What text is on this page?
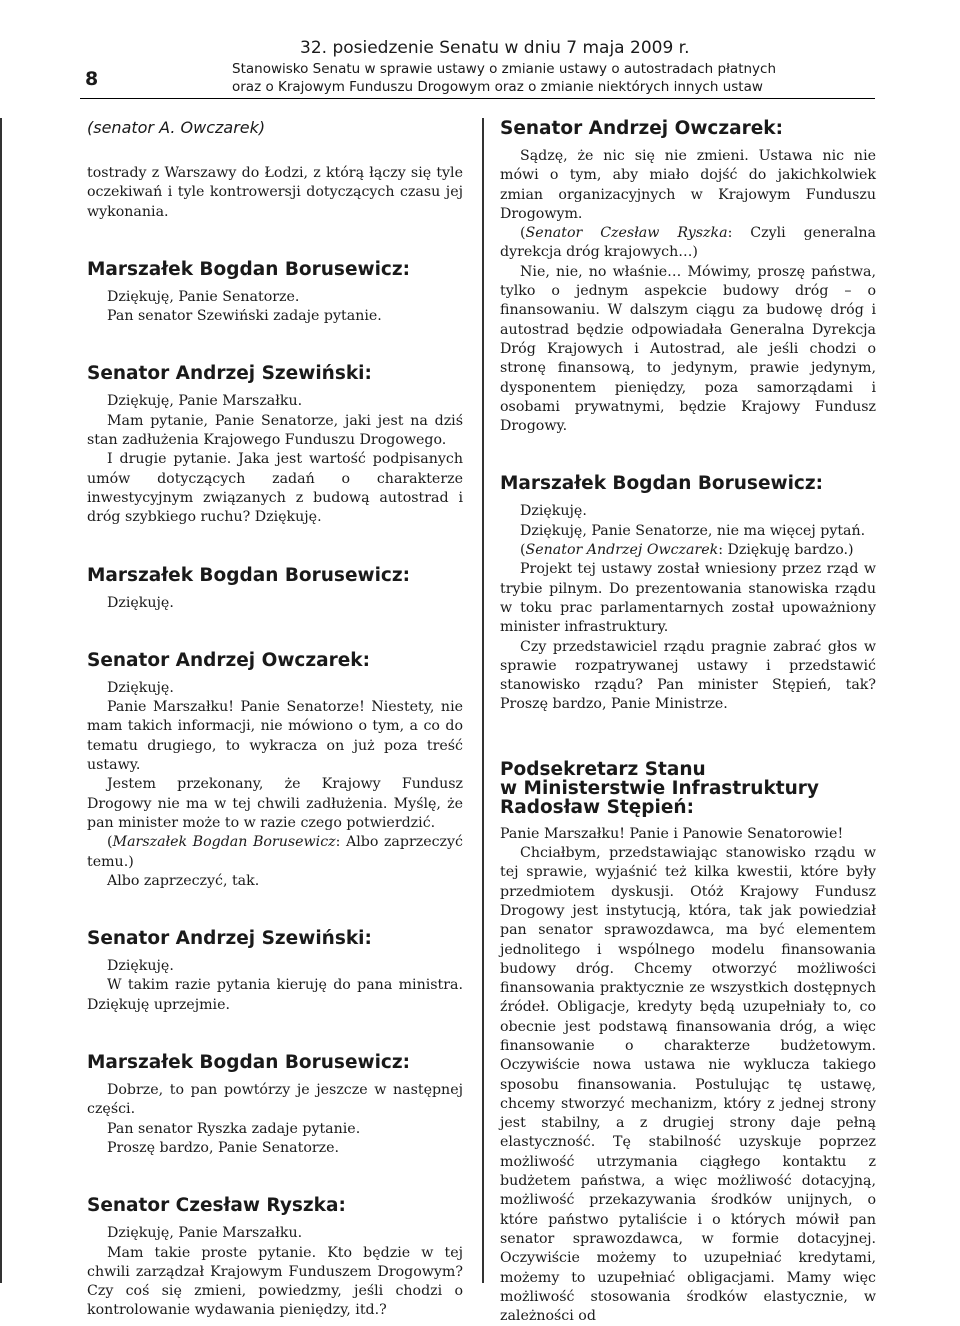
8
32. posiedzenie Senatu w dniu 7 maja 2009 r.
Stanowisko Senatu w sprawie ustawy o zmianie ustawy o autostradach płatnych
oraz o Krajowym Funduszu Drogowym oraz o zmianie niektórych innych ustaw

(senator A. Owczarek)

tostrady z Warszawy do Łodzi, z którą łączy się tyle oczekiwań i tyle kontrowersji dotyczących czasu jej wykonania.

Marszałek Bogdan Borusewicz:

Dziękuję, Panie Senatorze.

Pan senator Szewiński zadaje pytanie.

Senator Andrzej Szewiński:

Dziękuję, Panie Marszałku.

Mam pytanie, Panie Senatorze, jaki jest na dziś stan zadłużenia Krajowego Funduszu Drogowego.

I drugie pytanie. Jaka jest wartość podpisanych umów dotyczących zadań o charakterze inwestycyjnym związanych z budową autostrad i dróg szybkiego ruchu? Dziękuję.

Marszałek Bogdan Borusewicz:

Dziękuję.

Senator Andrzej Owczarek:

Dziękuję.

Panie Marszałku! Panie Senatorze! Niestety, nie mam takich informacji, nie mówiono o tym, a co do tematu drugiego, to wykracza on już poza treść ustawy.

Jestem przekonany, że Krajowy Fundusz Drogowy nie ma w tej chwili zadłużenia. Myślę, że pan minister może to w razie czego potwierdzić.

(Marszałek Bogdan Borusewicz: Albo zaprzeczyć temu.)

Albo zaprzeczyć, tak.

Senator Andrzej Szewiński:

Dziękuję.

W takim razie pytania kieruję do pana ministra. Dziękuję uprzejmie.

Marszałek Bogdan Borusewicz:

Dobrze, to pan powtórzy je jeszcze w następnej części.

Pan senator Ryszka zadaje pytanie.

Proszę bardzo, Panie Senatorze.

Senator Czesław Ryszka:

Dziękuję, Panie Marszałku.

Mam takie proste pytanie. Kto będzie w tej chwili zarządzał Krajowym Funduszem Drogowym? Czy coś się zmieni, powiedzmy, jeśli chodzi o kontrolowanie wydawania pieniędzy, itd.?

Senator Andrzej Owczarek:

Sądzę, że nic się nie zmieni. Ustawa nic nie mówi o tym, aby miało dojść do jakichkolwiek zmian organizacyjnych w Krajowym Funduszu Drogowym.

(Senator Czesław Ryszka: Czyli generalna dyrekcja dróg krajowych…)

Nie, nie, no właśnie… Mówimy, proszę państwa, tylko o jednym aspekcie budowy dróg – o finansowaniu. W dalszym ciągu za budowę dróg i autostrad będzie odpowiadała Generalna Dyrekcja Dróg Krajowych i Autostrad, ale jeśli chodzi o stronę finansową, to jedynym, prawie jedynym, dysponentem pieniędzy, poza samorządami i osobami prywatnymi, będzie Krajowy Fundusz Drogowy.

Marszałek Bogdan Borusewicz:

Dziękuję.

Dziękuję, Panie Senatorze, nie ma więcej pytań.

(Senator Andrzej Owczarek: Dziękuję bardzo.)

Projekt tej ustawy został wniesiony przez rząd w trybie pilnym. Do prezentowania stanowiska rządu w toku prac parlamentarnych został upoważniony minister infrastruktury.

Czy przedstawiciel rządu pragnie zabrać głos w sprawie rozpatrywanej ustawy i przedstawić stanowisko rządu? Pan minister Stępień, tak? Proszę bardzo, Panie Ministrze.

Podsekretarz Stanu
w Ministerstwie Infrastruktury
Radosław Stępień:

Panie Marszałku! Panie i Panowie Senatorowie!

Chciałbym, przedstawiając stanowisko rządu w tej sprawie, wyjaśnić też kilka kwestii, które były przedmiotem dyskusji. Otóż Krajowy Fundusz Drogowy jest instytucją, która, tak jak powiedział pan senator sprawozdawca, ma być elementem jednolitego i wspólnego modelu finansowania budowy dróg. Chcemy otworzyć możliwości finansowania praktycznie ze wszystkich dostępnych źródeł. Obligacje, kredyty będą uzupełniały to, co obecnie jest podstawą finansowania dróg, a więc finansowanie o charakterze budżetowym. Oczywiście nowa ustawa nie wyklucza takiego sposobu finansowania. Postulując tę ustawę, chcemy stworzyć mechanizm, który z jednej strony jest stabilny, a z drugiej strony daje pełną elastyczność. Tę stabilność uzyskuje poprzez możliwość utrzymania ciągłego kontaktu z budżetem państwa, a więc możliwość dotacyjną, możliwość przekazywania środków unijnych, o które państwo pytaliście i o których mówił pan senator sprawozdawca, w formie dotacyjnej. Oczywiście możemy to uzupełniać kredytami, możemy to uzupełniać obligacjami. Mamy więc możliwość stosowania środków elastycznie, w zależności od
